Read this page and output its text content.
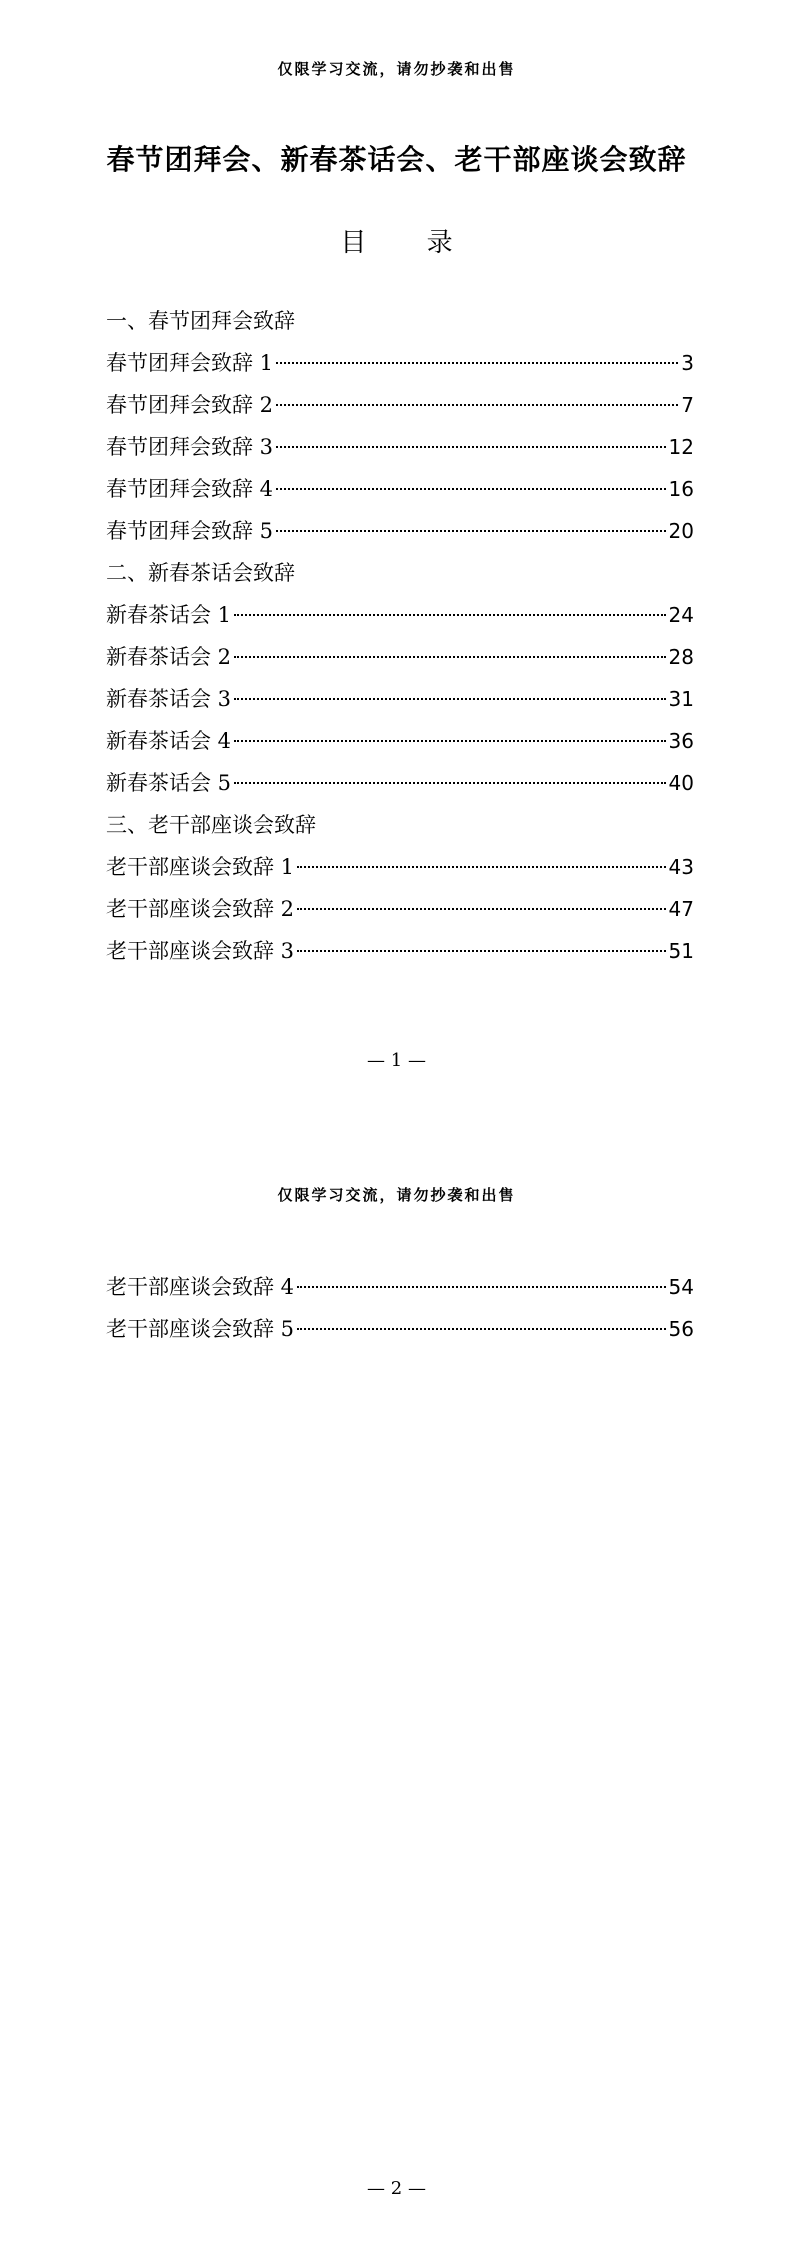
仅限学习交流，请勿抄袭和出售
春节团拜会、新春茶话会、老干部座谈会致辞
目 录
一、春节团拜会致辞
春节团拜会致辞 1	3
春节团拜会致辞 2	7
春节团拜会致辞 3	12
春节团拜会致辞 4	16
春节团拜会致辞 5	20
二、新春茶话会致辞
新春茶话会 1	24
新春茶话会 2	28
新春茶话会 3	31
新春茶话会 4	36
新春茶话会 5	40
三、老干部座谈会致辞
老干部座谈会致辞 1	43
老干部座谈会致辞 2	47
老干部座谈会致辞 3	51
— 1 —
仅限学习交流，请勿抄袭和出售
老干部座谈会致辞 4	54
老干部座谈会致辞 5	56
— 2 —
